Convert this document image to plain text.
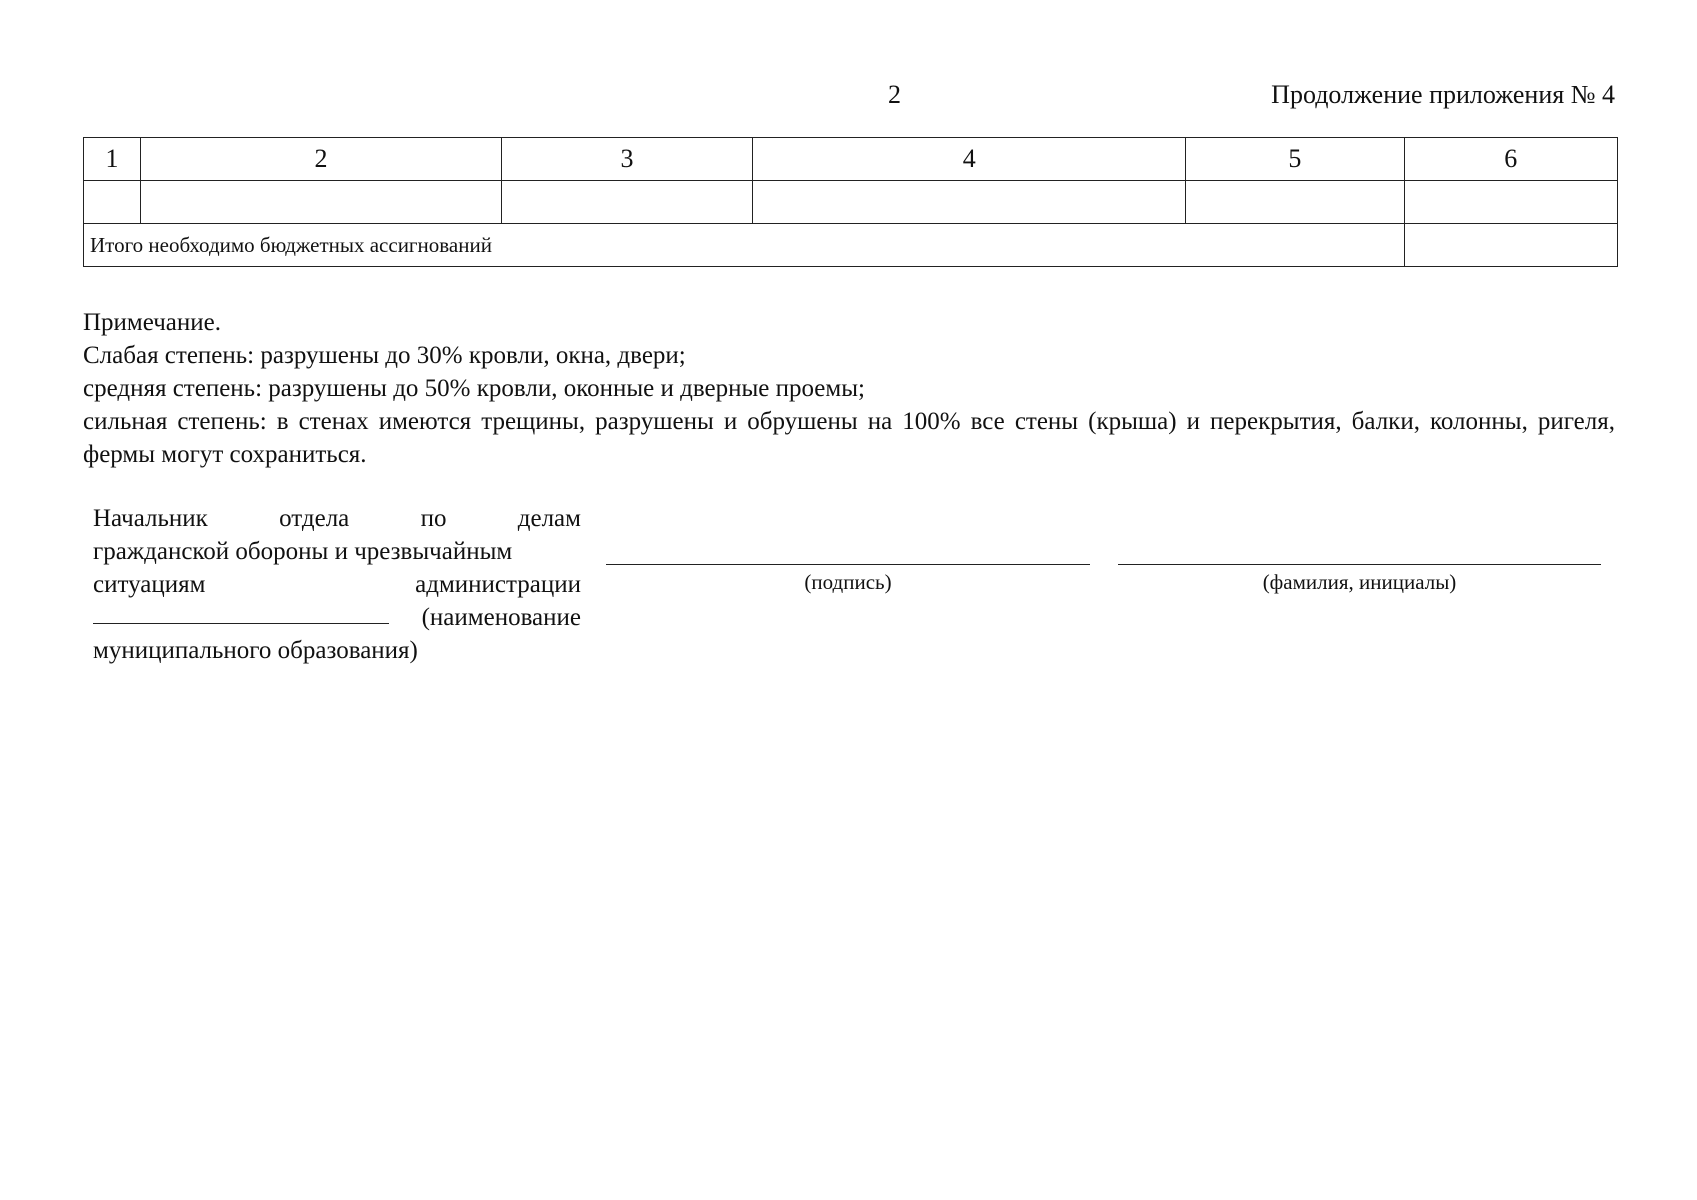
2	Продолжение приложения № 4
1	2	3	4	5	6

Итого необходимо бюджетных ассигнований					

Примечание.

Слабая степень: разрушены до 30% кровли, окна, двери;

средняя степень: разрушены до 50% кровли, оконные и дверные проемы;

сильная степень: в стенах имеются трещины, разрушены и обрушены на 100% все стены (крыша) и перекрытия, балки, колонны, ригеля, фермы могут сохраниться.

Начальник	отдела	по	делам
гражданской обороны и чрезвычайным
ситуациям	администрации
(наименование
муниципального образования)
(подпись)	(фамилия, инициалы)
